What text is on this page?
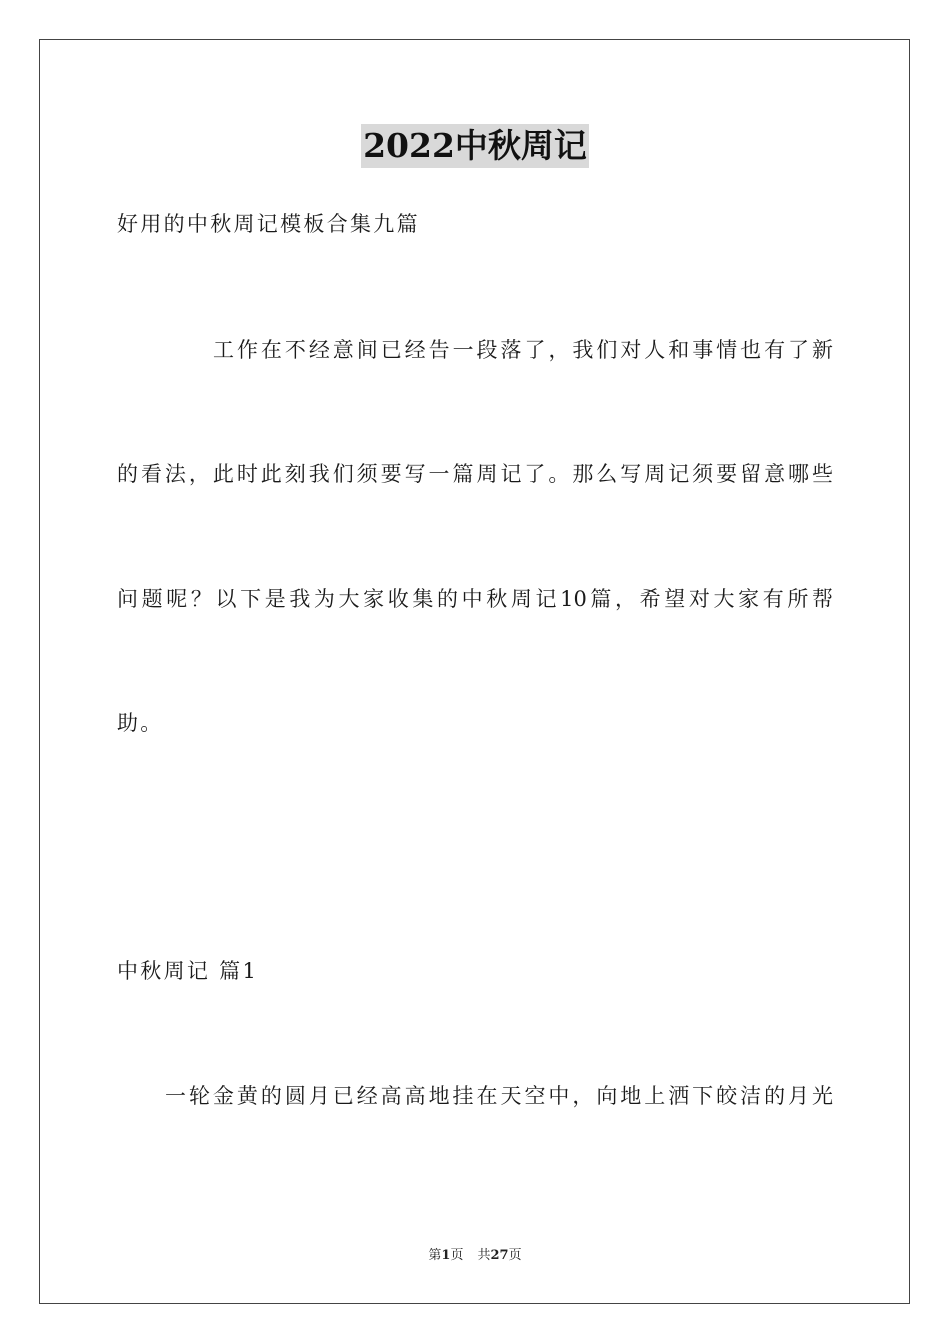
2022中秋周记
好用的中秋周记模板合集九篇
工作在不经意间已经告一段落了，我们对人和事情也有了新
的看法，此时此刻我们须要写一篇周记了。那么写周记须要留意哪些
问题呢？以下是我为大家收集的中秋周记10篇，希望对大家有所帮
助。
中秋周记 篇1
一轮金黄的圆月已经高高地挂在天空中，向地上洒下皎洁的月光
第1页 共27页
